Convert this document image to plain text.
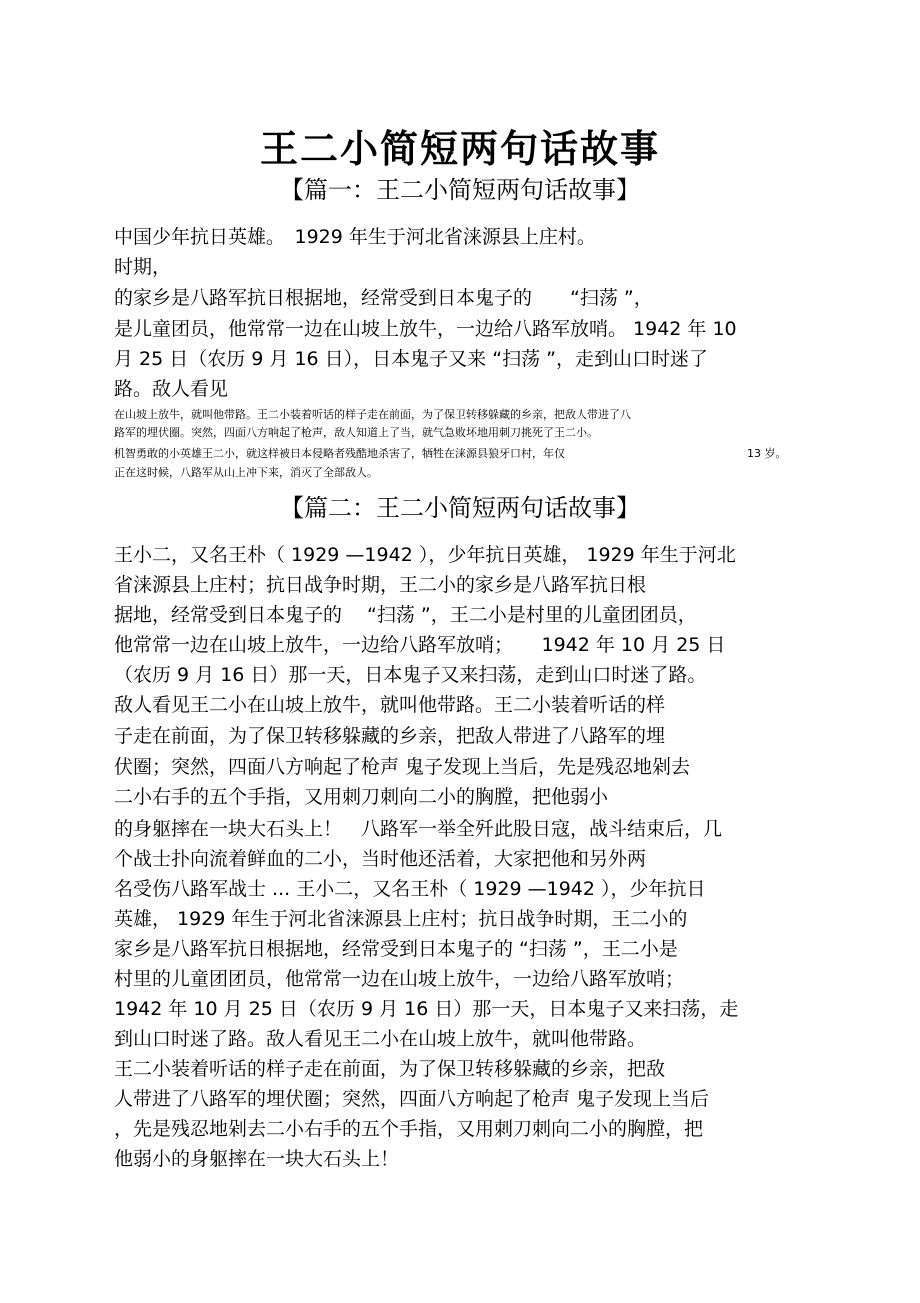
王二小简短两句话故事
【篇一：王二小简短两句话故事】
中国少年抗日英雄。　1929 年生于河北省涞源县上庄村。
时期，
的家乡是八路军抗日根据地，经常受到日本鬼子的　　“扫荡 ”，
是儿童团员，他常常一边在山坡上放牛，一边给八路军放哨。 1942 年 10
月 25 日（农历 9 月 16 日），日本鬼子又来 “扫荡 ”，走到山口时迷了
路。敌人看见
在山坡上放牛，就叫他带路。王二小装着听话的样子走在前面，为了保卫转移躲藏的乡亲，把敌人带进了八
路军的埋伏圈。突然，四面八方响起了枪声，敌人知道上了当，就气急败坏地用刺刀挑死了王二小。
机智勇敢的小英雄王二小，就这样被日本侵略者残酷地杀害了，牺牲在涞源县狼牙口村，年仅	13 岁。
正在这时候，八路军从山上冲下来，消灭了全部敌人。
【篇二：王二小简短两句话故事】
王小二，又名王朴（ 1929 —1942 ），少年抗日英雄， 1929 年生于河北
省涞源县上庄村；抗日战争时期，王二小的家乡是八路军抗日根
据地，经常受到日本鬼子的　 “扫荡 ”，王二小是村里的儿童团团员，
他常常一边在山坡上放牛，一边给八路军放哨；　　1942 年 10 月 25 日
（农历 9 月 16 日）那一天，日本鬼子又来扫荡，走到山口时迷了路。
敌人看见王二小在山坡上放牛，就叫他带路。王二小装着听话的样
子走在前面，为了保卫转移躲藏的乡亲，把敌人带进了八路军的埋
伏圈；突然，四面八方响起了枪声 鬼子发现上当后，先是残忍地剁去
二小右手的五个手指，又用刺刀刺向二小的胸膛，把他弱小
的身躯摔在一块大石头上！　八路军一举全歼此股日寇，战斗结束后，几
个战士扑向流着鲜血的二小，当时他还活着，大家把他和另外两
名受伤八路军战士 ... 王小二，又名王朴（ 1929 —1942 ），少年抗日
英雄， 1929 年生于河北省涞源县上庄村；抗日战争时期，王二小的
家乡是八路军抗日根据地，经常受到日本鬼子的 “扫荡 ”，王二小是
村里的儿童团团员，他常常一边在山坡上放牛，一边给八路军放哨；
1942 年 10 月 25 日（农历 9 月 16 日）那一天，日本鬼子又来扫荡，走
到山口时迷了路。敌人看见王二小在山坡上放牛，就叫他带路。
王二小装着听话的样子走在前面，为了保卫转移躲藏的乡亲，把敌
人带进了八路军的埋伏圈；突然，四面八方响起了枪声 鬼子发现上当后
，先是残忍地剁去二小右手的五个手指，又用刺刀刺向二小的胸膛，把
他弱小的身躯摔在一块大石头上！
